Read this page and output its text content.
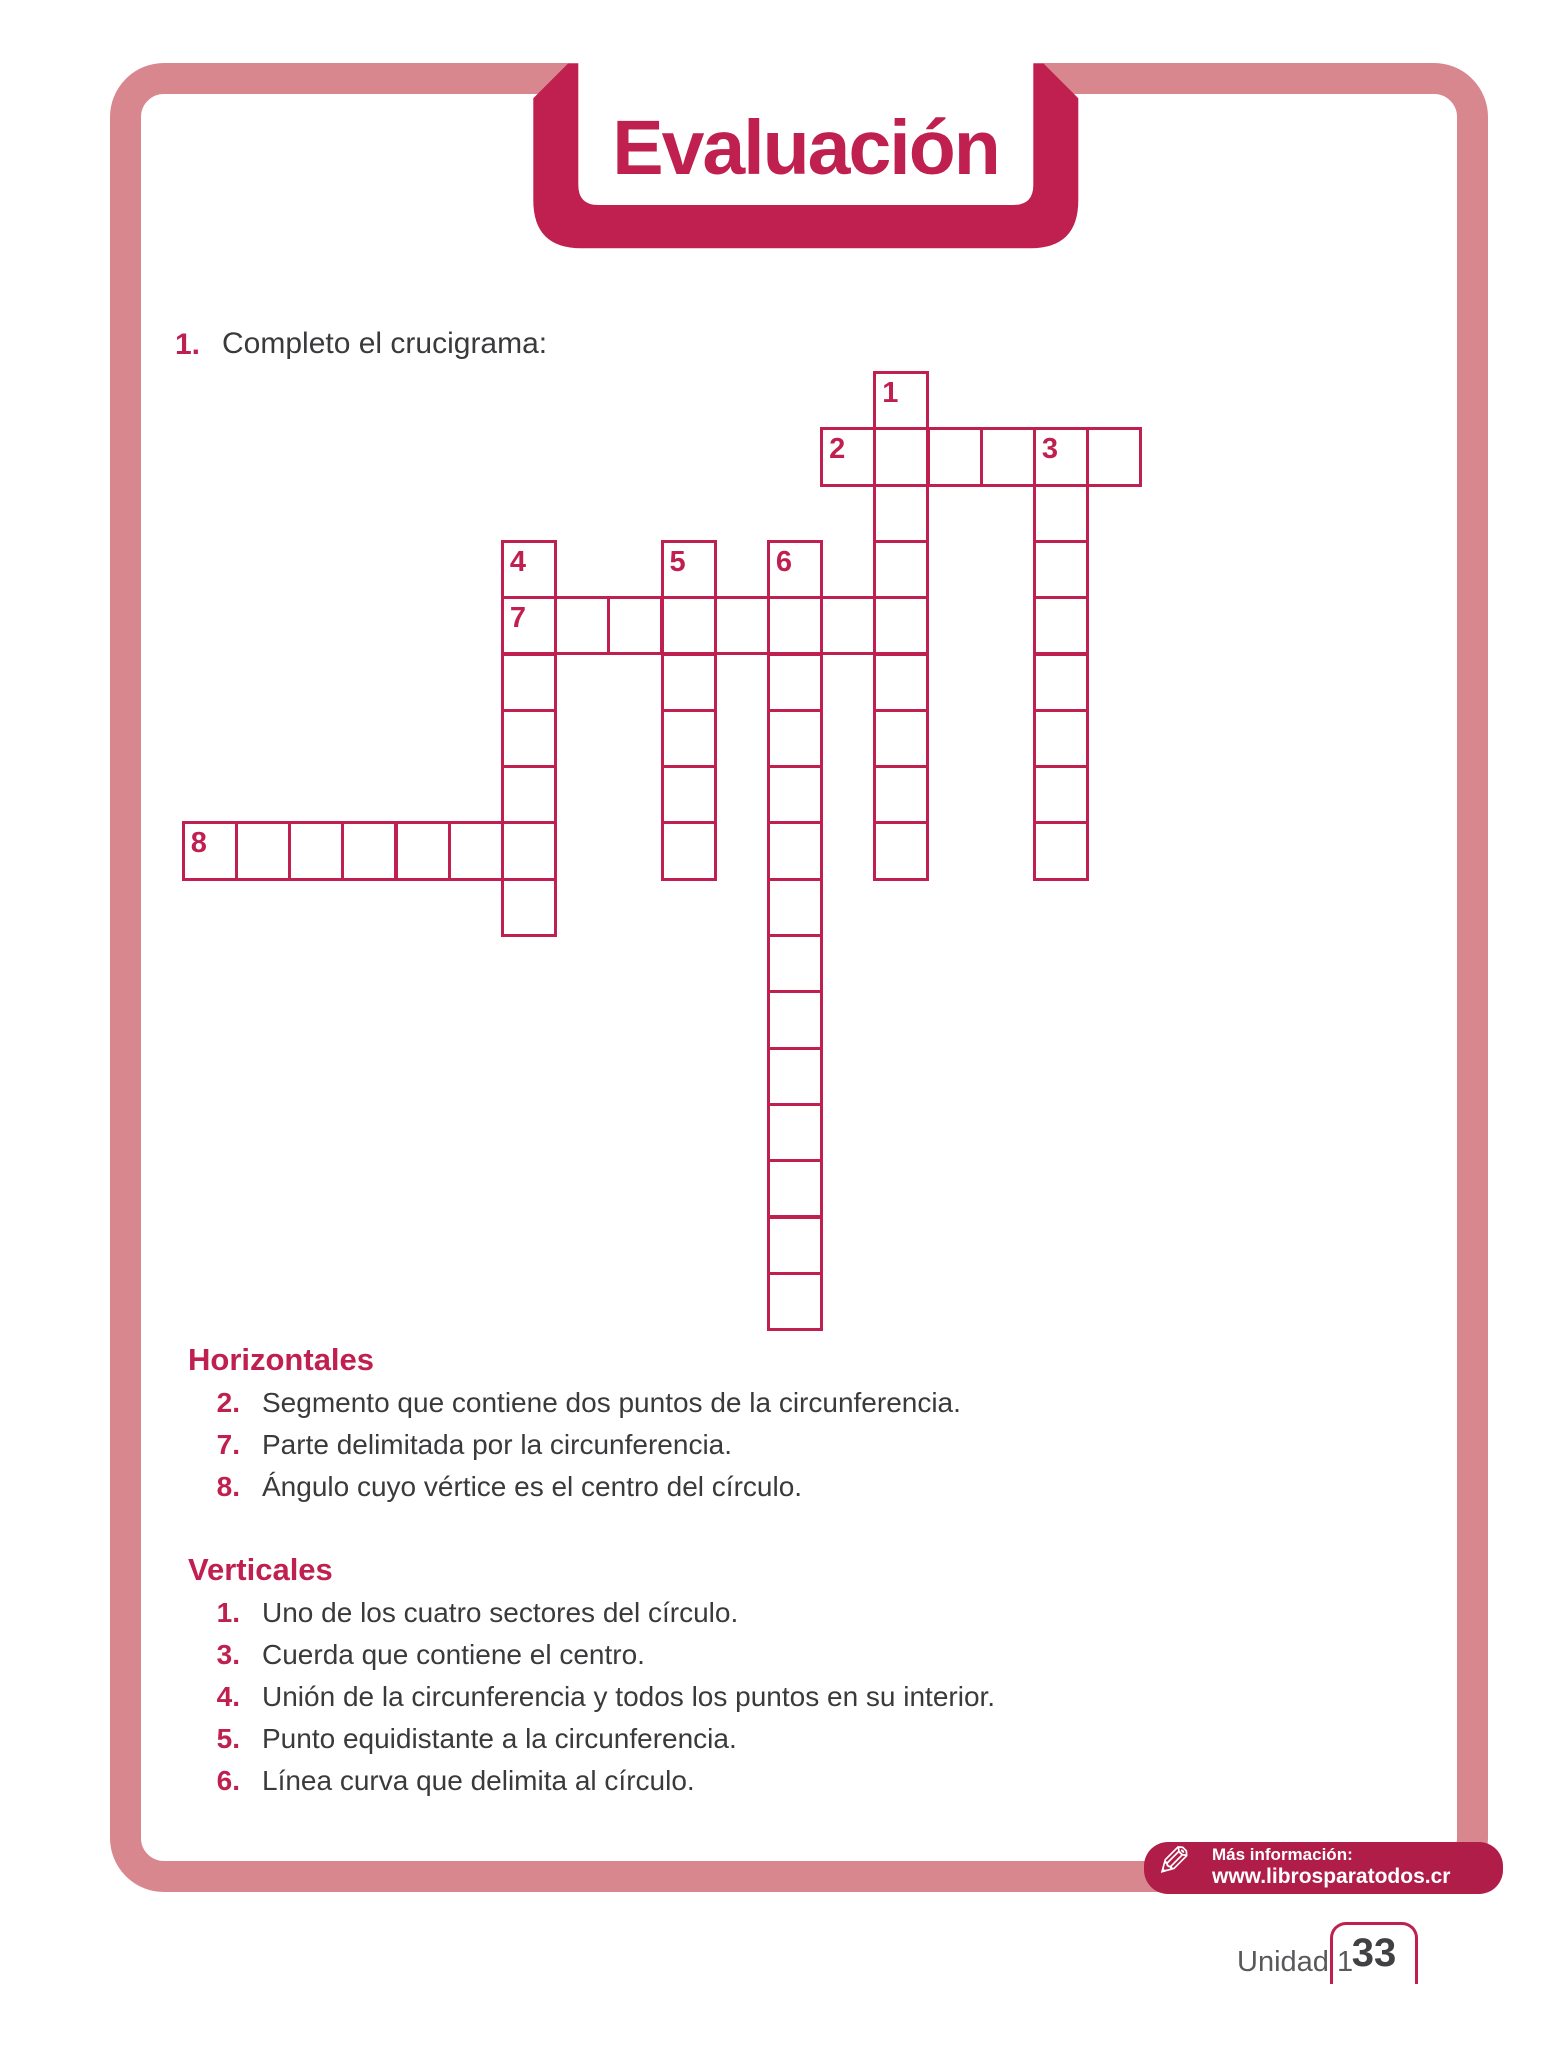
Evaluación
1. Completo el crucigrama:
1
2	3
4	5	6
7
8
Horizontales
2. Segmento que contiene dos puntos de la circunferencia.
7. Parte delimitada por la circunferencia.
8. Ángulo cuyo vértice es el centro del círculo.
Verticales
1. Uno de los cuatro sectores del círculo.
3. Cuerda que contiene el centro.
4. Unión de la circunferencia y todos los puntos en su interior.
5. Punto equidistante a la circunferencia.
6. Línea curva que delimita al círculo.
✎ Más información:
www.librosparatodos.cr
Unidad 1
33
